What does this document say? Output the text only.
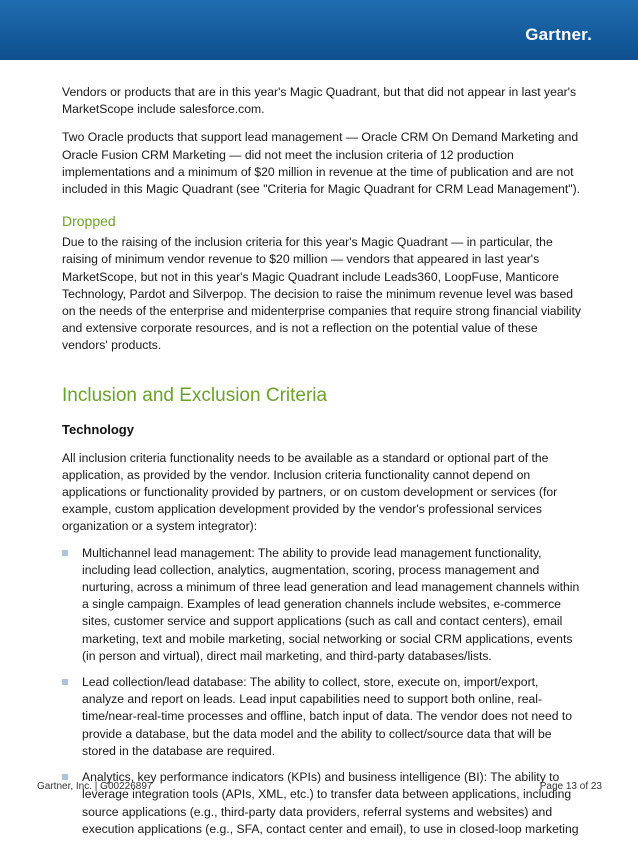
Gartner.

Vendors or products that are in this year's Magic Quadrant, but that did not appear in last year's MarketScope include salesforce.com.

Two Oracle products that support lead management — Oracle CRM On Demand Marketing and Oracle Fusion CRM Marketing — did not meet the inclusion criteria of 12 production implementations and a minimum of $20 million in revenue at the time of publication and are not included in this Magic Quadrant (see "Criteria for Magic Quadrant for CRM Lead Management").

Dropped

Due to the raising of the inclusion criteria for this year's Magic Quadrant — in particular, the raising of minimum vendor revenue to $20 million — vendors that appeared in last year's MarketScope, but not in this year's Magic Quadrant include Leads360, LoopFuse, Manticore Technology, Pardot and Silverpop. The decision to raise the minimum revenue level was based on the needs of the enterprise and midenterprise companies that require strong financial viability and extensive corporate resources, and is not a reflection on the potential value of these vendors' products.

Inclusion and Exclusion Criteria
Technology

All inclusion criteria functionality needs to be available as a standard or optional part of the application, as provided by the vendor. Inclusion criteria functionality cannot depend on applications or functionality provided by partners, or on custom development or services (for example, custom application development provided by the vendor's professional services organization or a system integrator):

Multichannel lead management: The ability to provide lead management functionality, including lead collection, analytics, augmentation, scoring, process management and nurturing, across a minimum of three lead generation and lead management channels within a single campaign. Examples of lead generation channels include websites, e-commerce sites, customer service and support applications (such as call and contact centers), email marketing, text and mobile marketing, social networking or social CRM applications, events (in person and virtual), direct mail marketing, and third-party databases/lists.

Lead collection/lead database: The ability to collect, store, execute on, import/export, analyze and report on leads. Lead input capabilities need to support both online, real-time/near-real-time processes and offline, batch input of data. The vendor does not need to provide a database, but the data model and the ability to collect/source data that will be stored in the database are required.

Analytics, key performance indicators (KPIs) and business intelligence (BI): The ability to leverage integration tools (APIs, XML, etc.) to transfer data between applications, including source applications (e.g., third-party data providers, referral systems and websites) and execution applications (e.g., SFA, contact center and email), to use in closed-loop marketing

Gartner, Inc. | G00226897	Page 13 of 23
